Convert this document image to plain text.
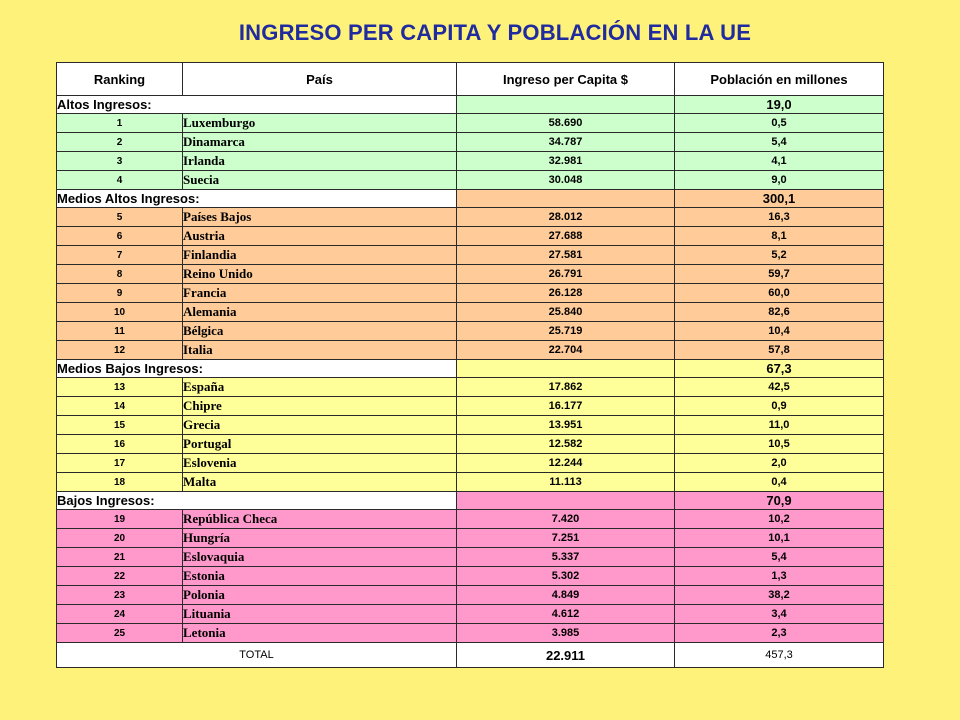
INGRESO PER CAPITA Y POBLACIÓN EN LA UE
Ranking	País	Ingreso per Capita $	Población en millones
Altos Ingresos:			19,0
1	Luxemburgo	58.690	0,5
2	Dinamarca	34.787	5,4
3	Irlanda	32.981	4,1
4	Suecia	30.048	9,0
Medios Altos Ingresos:			300,1
5	Países Bajos	28.012	16,3
6	Austria	27.688	8,1
7	Finlandia	27.581	5,2
8	Reino Unido	26.791	59,7
9	Francia	26.128	60,0
10	Alemania	25.840	82,6
11	Bélgica	25.719	10,4
12	Italia	22.704	57,8
Medios Bajos Ingresos:			67,3
13	España	17.862	42,5
14	Chipre	16.177	0,9
15	Grecia	13.951	11,0
16	Portugal	12.582	10,5
17	Eslovenia	12.244	2,0
18	Malta	11.113	0,4
Bajos Ingresos:			70,9
19	República Checa	7.420	10,2
20	Hungría	7.251	10,1
21	Eslovaquia	5.337	5,4
22	Estonia	5.302	1,3
23	Polonia	4.849	38,2
24	Lituania	4.612	3,4
25	Letonia	3.985	2,3
TOTAL		22.911	457,3
